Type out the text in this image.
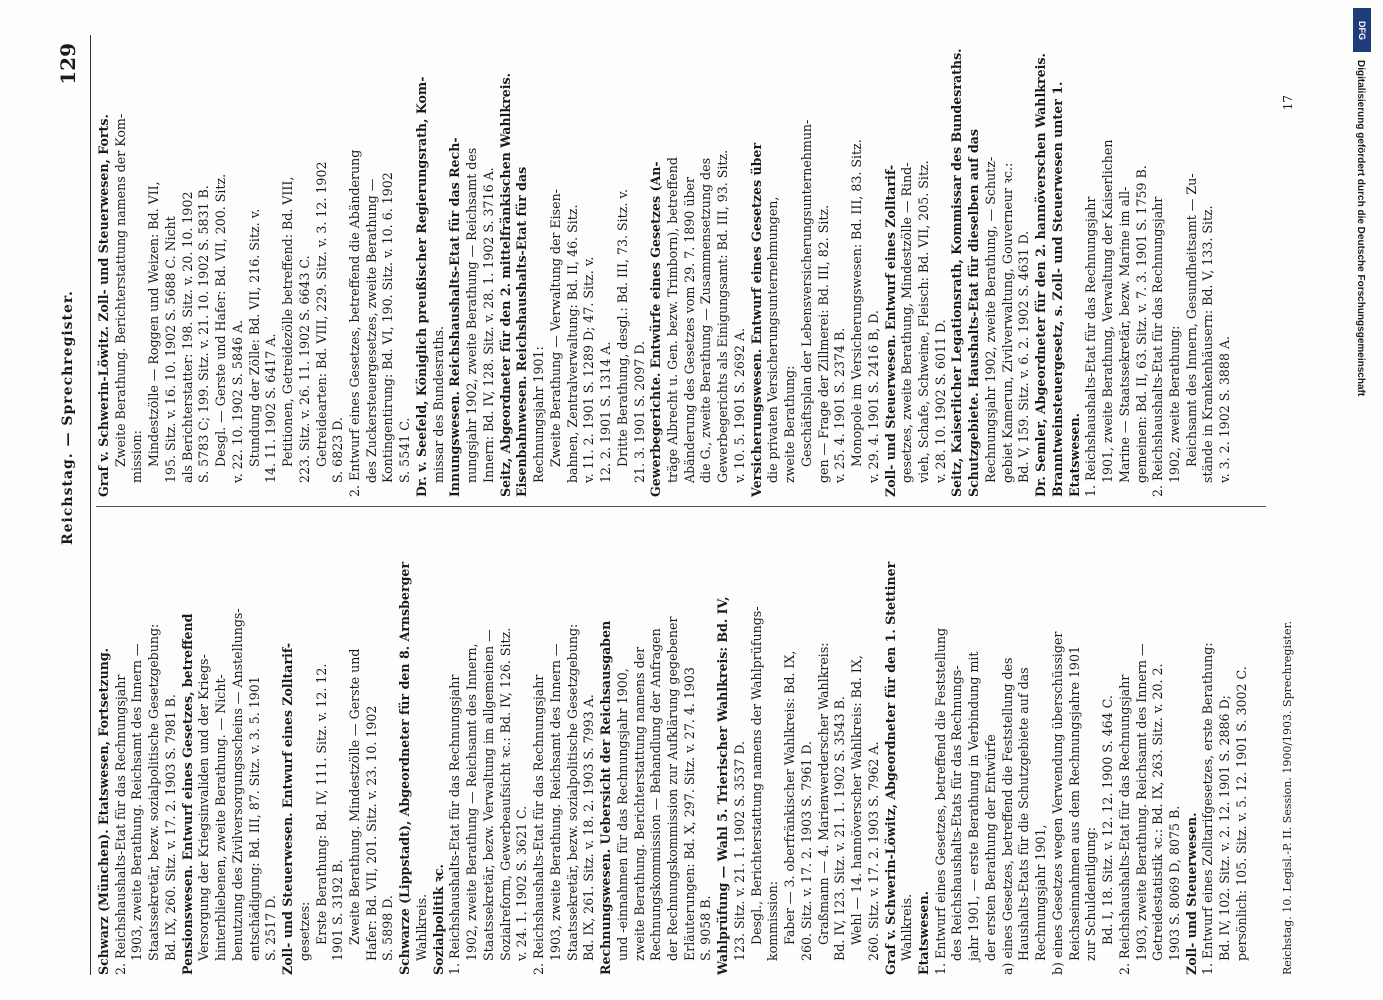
Reichstag. — Sprechregister.
129
Schwarz (München). Etatswesen, Fortsetzung. 2. Reichshaushalts-Etat für das Rechnungsjahr 1903, zweite Berathung. Reichsamt des Innern — Staatssekretär, bezw. sozialpolitische Gesetzgebung: Bd. IX, 260. Sitz. v. 17. 2. 1903 S. 7981 B. Pensionswesen. Entwurf eines Gesetzes, betreffend Versorgung der Kriegsinvaliden und der Kriegs- hinterbliebenen, zweite Berathung. — Nicht- benutzung des Zivilversorgungsscheins — Anstellungs- entschädigung: Bd. III, 87. Sitz. v. 3. 5. 1901 S. 2517 D. Zoll- und Steuerwesen. Entwurf eines Zolltarif- gesetzes: Erste Berathung: Bd. IV, 111. Sitz. v. 12. 12. 1901 S. 3192 B. Zweite Berathung. Mindestzölle — Gerste und Hafer: Bd. VII, 201. Sitz. v. 23. 10. 1902 S. 5898 D. Schwarze (Lippstadt), Abgeordneter für den 8. Arnsberger Wahlkreis. Sozialpolitik ꝛc. 1. Reichshaushalts-Etat für das Rechnungsjahr 1902, zweite Berathung — Reichsamt des Innern, Staatssekretär, bezw. Verwaltung im allgemeinen — Sozialreform, Gewerbeaufsicht ꝛc.: Bd. IV, 126. Sitz. v. 24. 1. 1902 S. 3621 C. 2. Reichshaushalts-Etat für das Rechnungsjahr 1903, zweite Berathung. Reichsamt des Innern — Staatssekretär, bezw. sozialpolitische Gesetzgebung: Bd. IX, 261. Sitz. v. 18. 2. 1903 S. 7993 A. Rechnungswesen. Uebersicht der Reichsausgaben und -einnahmen für das Rechnungsjahr 1900, zweite Berathung. Berichterstattung namens der Rechnungskommission — Behandlung der Anfragen der Rechnungskommission zur Aufklärung gegebener Erläuterungen: Bd. X, 297. Sitz. v. 27. 4. 1903 S. 9058 B. Wahlprüfung — Wahl 5. Trierischer Wahlkreis: Bd. IV, 123. Sitz. v. 21. 1. 1902 S. 3537 D. Desgl., Berichterstattung namens der Wahlprüfungs- kommission: Faber — 3. oberfränkischer Wahlkreis: Bd. IX, 260. Sitz. v. 17. 2. 1903 S. 7961 D. Graßmann — 4. Marienwerderscher Wahlkreis: Bd. IV, 123. Sitz. v. 21. 1. 1902 S. 3543 B. Wehl — 14. hannöverscher Wahlkreis: Bd. IX, 260. Sitz. v. 17. 2. 1903 S. 7962 A. Graf v. Schwerin-Löwitz, Abgeordneter für den 1. Stettiner Wahlkreis. Etatswesen. 1. Entwurf eines Gesetzes, betreffend die Feststellung des Reichshaushalts-Etats für das Rechnungs- jahr 1901, — erste Berathung in Verbindung mit der ersten Berathung der Entwürfe a) eines Gesetzes, betreffend die Feststellung des Haushalts-Etats für die Schutzgebiete auf das Rechnungsjahr 1901, b) eines Gesetzes wegen Verwendung überschüssiger Reichseinnahmen aus dem Rechnungsjahre 1901 zur Schuldentilgung: Bd. I, 18. Sitz. v. 12. 12. 1900 S. 464 C. 2. Reichshaushalts-Etat für das Rechnungsjahr 1903, zweite Berathung. Reichsamt des Innern — Getreidestatistik ꝛc.: Bd. IX, 263. Sitz. v. 20. 2. 1903 S. 8069 D, 8075 B. Zoll- und Steuerwesen. 1. Entwurf eines Zolltarifgesetzes, erste Berathung: Bd. IV, 102. Sitz. v. 2. 12. 1901 S. 2886 D; persönlich: 105. Sitz. v. 5. 12. 1901 S. 3002 C.
Graf v. Schwerin-Löwitz. Zoll- und Steuerwesen, Forts. Zweite Berathung. Berichterstattung namens der Kom- mission: Mindestzölle — Roggen und Weizen: Bd. VII, 195. Sitz. v. 16. 10. 1902 S. 5688 C. Nicht als Berichterstatter: 198. Sitz. v. 20. 10. 1902 S. 5783 C; 199. Sitz. v. 21. 10. 1902 S. 5831 B. Desgl. — Gerste und Hafer: Bd. VII, 200. Sitz. v. 22. 10. 1902 S. 5846 A. Stundung der Zölle: Bd. VII, 216. Sitz. v. 14. 11. 1902 S. 6417 A. Petitionen, Getreidezölle betreffend: Bd. VIII, 223. Sitz. v. 26. 11. 1902 S. 6643 C. Getreidearten: Bd. VIII, 229. Sitz. v. 3. 12. 1902 S. 6823 D. 2. Entwurf eines Gesetzes, betreffend die Abänderung des Zuckersteuergesetzes, zweite Berathung — Kontingentirung: Bd. VI, 190. Sitz. v. 10. 6. 1902 S. 5541 C. Dr. v. Seefeld, Königlich preußischer Regierungsrath, Kom- missar des Bundesraths. Innungswesen. Reichshaushalts-Etat für das Rech- nungsjahr 1902, zweite Berathung — Reichsamt des Innern: Bd. IV, 128. Sitz. v. 28. 1. 1902 S. 3716 A. Seitz, Abgeordneter für den 2. mittelfränkischen Wahlkreis. Eisenbahnwesen. Reichshaushalts-Etat für das Rechnungsjahr 1901: Zweite Berathung — Verwaltung der Eisen- bahnen, Zentralverwaltung: Bd. II, 46. Sitz. v. 11. 2. 1901 S. 1289 D; 47. Sitz. v. 12. 2. 1901 S. 1314 A. Dritte Berathung, desgl.: Bd. III, 73. Sitz. v. 21. 3. 1901 S. 2097 D. Gewerbegerichte. Entwürfe eines Gesetzes (An- träge Albrecht u. Gen. bezw. Trimborn), betreffend Abänderung des Gesetzes vom 29. 7. 1890 über die G., zweite Berathung — Zusammensetzung des Gewerbegerichts als Einigungsamt: Bd. III, 93. Sitz. v. 10. 5. 1901 S. 2692 A. Versicherungswesen. Entwurf eines Gesetzes über die privaten Versicherungsunternehmungen, zweite Berathung: Geschäftsplan der Lebensversicherungsunternehmun- gen — Frage der Zillmerei: Bd. III, 82. Sitz. v. 25. 4. 1901 S. 2374 B. Monopole im Versicherungswesen: Bd. III, 83. Sitz. v. 29. 4. 1901 S. 2416 B, D. Zoll- und Steuerwesen. Entwurf eines Zolltarif- gesetzes, zweite Berathung, Mindestzölle — Rind- vieh, Schafe, Schweine, Fleisch: Bd. VII, 205. Sitz. v. 28. 10. 1902 S. 6011 D. Seitz, Kaiserlicher Legationsrath, Kommissar des Bundesraths. Schutzgebiete. Haushalts-Etat für dieselben auf das Rechnungsjahr 1902, zweite Berathung, — Schutz- gebiet Kamerun, Zivilverwaltung, Gouverneur ꝛc.: Bd. V, 159. Sitz. v. 6. 2. 1902 S. 4631 D. Dr. Semler, Abgeordneter für den 2. hannöverschen Wahlkreis. Branntweinsteuergesetz, s. Zoll- und Steuerwesen unter 1. Etatswesen. 1. Reichshaushalts-Etat für das Rechnungsjahr 1901, zweite Berathung, Verwaltung der Kaiserlichen Marine — Staatssekretär, bezw. Marine im all- gemeinen: Bd. II, 63. Sitz. v. 7. 3. 1901 S. 1759 B. 2. Reichshaushalts-Etat für das Rechnungsjahr 1902, zweite Berathung: Reichsamt des Innern, Gesundheitsamt — Zu- stände in Krankenhäusern: Bd. V, 133. Sitz. v. 3. 2. 1902 S. 3888 A.
Reichstag. 10. Legisl.-P. II. Session. 1900/1903. Sprechregister.
17
DFG
Digitalisierung gefördert durch die Deutsche Forschungsgemeinschaft
